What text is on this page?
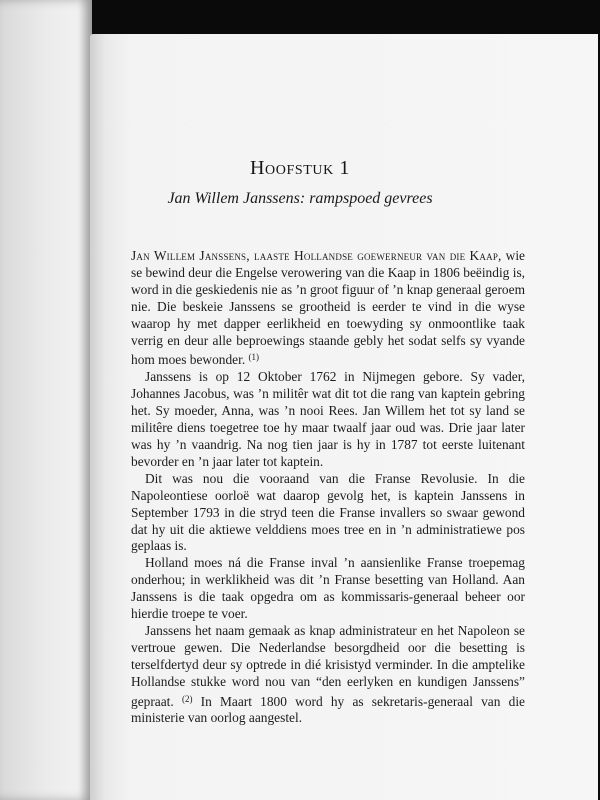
Hoofstuk 1
Jan Willem Janssens: rampspoed gevrees

Jan Willem Janssens, laaste Hollandse goewerneur van die Kaap, wie se bewind deur die Engelse verowering van die Kaap in 1806 beëindig is, word in die geskiedenis nie as ’n groot figuur of ’n knap generaal geroem nie. Die beskeie Janssens se grootheid is eerder te vind in die wyse waarop hy met dapper eerlikheid en toewyding sy onmoontlike taak verrig en deur alle beproewings staande gebly het sodat selfs sy vyande hom moes bewonder. $^{(1)}$

Janssens is op 12 Oktober 1762 in Nijmegen gebore. Sy vader, Johannes Jacobus, was ’n militêr wat dit tot die rang van kaptein gebring het. Sy moeder, Anna, was ’n nooi Rees. Jan Willem het tot sy land se militêre diens toegetree toe hy maar twaalf jaar oud was. Drie jaar later was hy ’n vaandrig. Na nog tien jaar is hy in 1787 tot eerste luitenant bevorder en ’n jaar later tot kaptein.

Dit was nou die vooraand van die Franse Revolusie. In die Napoleontiese oorloë wat daarop gevolg het, is kaptein Janssens in September 1793 in die stryd teen die Franse invallers so swaar gewond dat hy uit die aktiewe velddiens moes tree en in ’n administratiewe pos geplaas is.

Holland moes ná die Franse inval ’n aansienlike Franse troepemag onderhou; in werklikheid was dit ’n Franse besetting van Holland. Aan Janssens is die taak opgedra om as kommissaris-generaal beheer oor hierdie troepe te voer.

Janssens het naam gemaak as knap administrateur en het Napoleon se vertroue gewen. Die Nederlandse besorgdheid oor die besetting is terselfdertyd deur sy optrede in dié krisistyd verminder. In die amptelike Hollandse stukke word nou van “den eerlyken en kundigen Janssens” gepraat. $^{(2)}$ In Maart 1800 word hy as sekretaris-generaal van die ministerie van oorlog aangestel.
